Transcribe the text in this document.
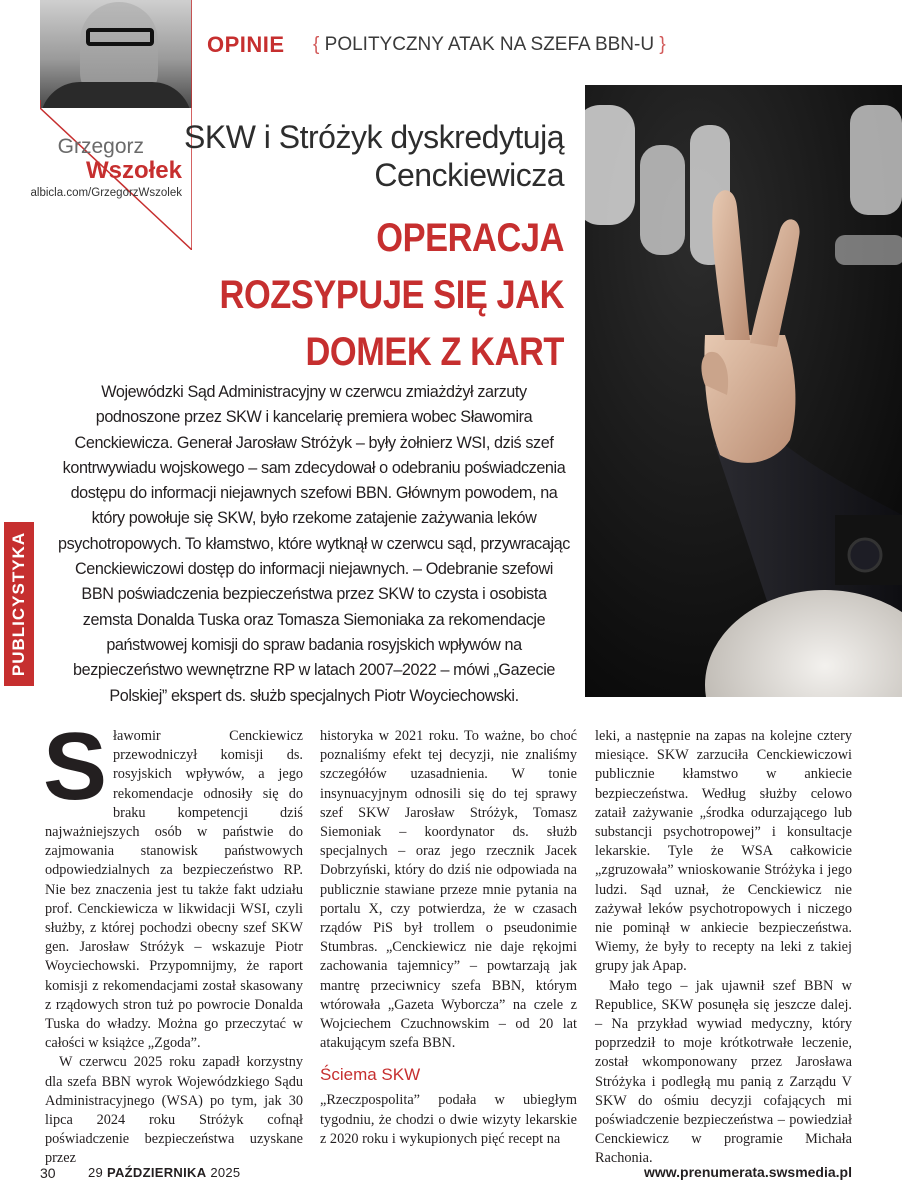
Grzegorz
Wszołek
albicla.com/GrzegorzWszolek
OPINIE { POLITYCZNY ATAK NA SZEFA BBN-U }
SKW i Stróżyk dyskredytują Cenckiewicza
OPERACJA ROZSYPUJE SIĘ JAK DOMEK Z KART
Wojewódzki Sąd Administracyjny w czerwcu zmiażdżył zarzuty podnoszone przez SKW i kancelarię premiera wobec Sławomira Cenckiewicza. Generał Jarosław Stróżyk – były żołnierz WSI, dziś szef kontrwywiadu wojskowego – sam zdecydował o odebraniu poświadczenia dostępu do informacji niejawnych szefowi BBN. Głównym powodem, na który powołuje się SKW, było rzekome zatajenie zażywania leków psychotropowych. To kłamstwo, które wytknął w czerwcu sąd, przywracając Cenckiewiczowi dostęp do informacji niejawnych. – Odebranie szefowi BBN poświadczenia bezpieczeństwa przez SKW to czysta i osobista zemsta Donalda Tuska oraz Tomasza Siemoniaka za rekomendacje państwowej komisji do spraw badania rosyjskich wpływów na bezpieczeństwo wewnętrzne RP w latach 2007–2022 – mówi „Gazecie Polskiej” ekspert ds. służb specjalnych Piotr Woyciechowski.
PUBLICYSTYKA

Sławomir Cenckiewicz przewodniczył komisji ds. rosyjskich wpływów, a jego rekomendacje odnosiły się do braku kompetencji dziś najważniejszych osób w państwie do zajmowania stanowisk państwowych odpowiedzialnych za bezpieczeństwo RP. Nie bez znaczenia jest tu także fakt udziału prof. Cenckiewicza w likwidacji WSI, czyli służby, z której pochodzi obecny szef SKW gen. Jarosław Stróżyk – wskazuje Piotr Woyciechowski. Przypomnijmy, że raport komisji z rekomendacjami został skasowany z rządowych stron tuż po powrocie Donalda Tuska do władzy. Można go przeczytać w całości w książce „Zgoda”.

W czerwcu 2025 roku zapadł korzystny dla szefa BBN wyrok Wojewódzkiego Sądu Administracyjnego (WSA) po tym, jak 30 lipca 2024 roku Stróżyk cofnął poświadczenie bezpieczeństwa uzyskane przez

historyka w 2021 roku. To ważne, bo choć poznaliśmy efekt tej decyzji, nie znaliśmy szczegółów uzasadnienia. W tonie insynuacyjnym odnosili się do tej sprawy szef SKW Jarosław Stróżyk, Tomasz Siemoniak – koordynator ds. służb specjalnych – oraz jego rzecznik Jacek Dobrzyński, który do dziś nie odpowiada na publicznie stawiane przeze mnie pytania na portalu X, czy potwierdza, że w czasach rządów PiS był trollem o pseudonimie Stumbras. „Cenckiewicz nie daje rękojmi zachowania tajemnicy” – powtarzają jak mantrę przeciwnicy szefa BBN, którym wtórowała „Gazeta Wyborcza” na czele z Wojciechem Czuchnowskim – od 20 lat atakującym szefa BBN.

Ściema SKW

„Rzeczpospolita” podała w ubiegłym tygodniu, że chodzi o dwie wizyty lekarskie z 2020 roku i wykupionych pięć recept na

leki, a następnie na zapas na kolejne cztery miesiące. SKW zarzuciła Cenckiewiczowi publicznie kłamstwo w ankiecie bezpieczeństwa. Według służby celowo zataił zażywanie „środka odurzającego lub substancji psychotropowej” i konsultacje lekarskie. Tyle że WSA całkowicie „zgruzowała” wnioskowanie Stróżyka i jego ludzi. Sąd uznał, że Cenckiewicz nie zażywał leków psychotropowych i niczego nie pominął w ankiecie bezpieczeństwa. Wiemy, że były to recepty na leki z takiej grupy jak Apap.

Mało tego – jak ujawnił szef BBN w Republice, SKW posunęła się jeszcze dalej. – Na przykład wywiad medyczny, który poprzedził to moje krótkotrwałe leczenie, został wkomponowany przez Jarosława Stróżyka i podległą mu panią z Zarządu V SKW do ośmiu decyzji cofających mi poświadczenie bezpieczeństwa – powiedział Cenckiewicz w programie Michała Rachonia.

30 29 PAŹDZIERNIKA 2025	www.prenumerata.swsmedia.pl
